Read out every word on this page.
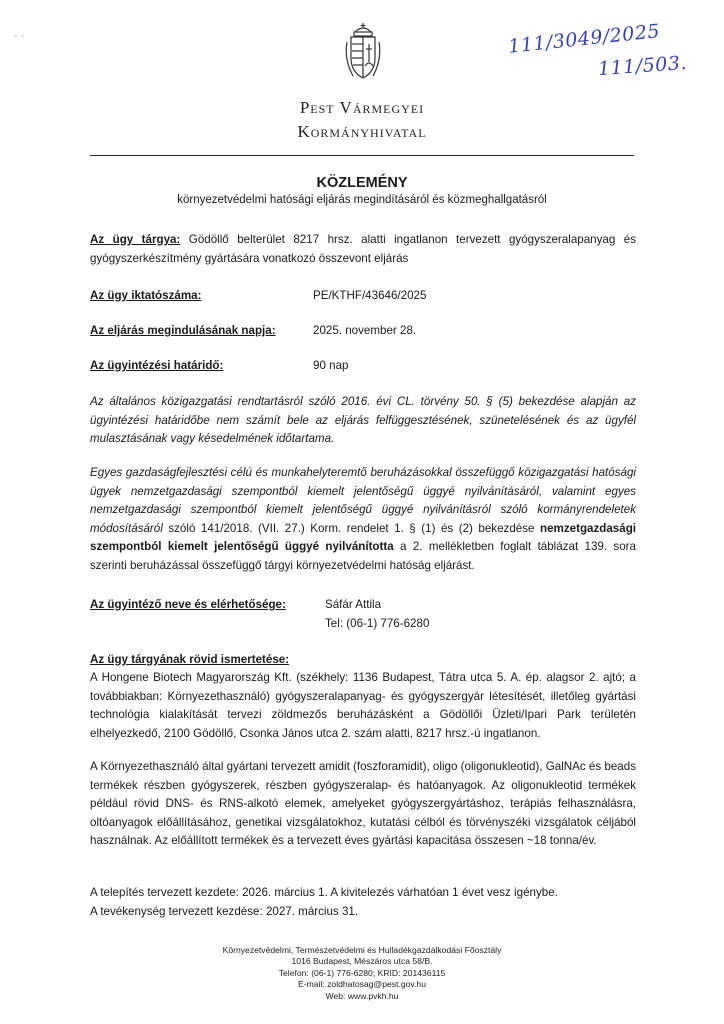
· ·	111/3049/2025
111/503.
Pest Vármegyei
Kormányhivatal
KÖZLEMÉNY
környezetvédelmi hatósági eljárás megindításáról és közmeghallgatásról
Az ügy tárgya: Gödöllő belterület 8217 hrsz. alatti ingatlanon tervezett gyógyszeralapanyag és gyógyszerkészítmény gyártására vonatkozó összevont eljárás
Az ügy iktatószáma:	PE/KTHF/43646/2025
Az eljárás megindulásának napja:	2025. november 28.
Az ügyintézési határidő:	90 nap
Az általános közigazgatási rendtartásról szóló 2016. évi CL. törvény 50. § (5) bekezdése alapján az ügyintézési határidőbe nem számít bele az eljárás felfüggesztésének, szünetelésének és az ügyfél mulasztásának vagy késedelmének időtartama.
Egyes gazdaságfejlesztési célú és munkahelyteremtő beruházásokkal összefüggő közigazgatási hatósági ügyek nemzetgazdasági szempontból kiemelt jelentőségű üggyé nyilvánításáról, valamint egyes nemzetgazdasági szempontból kiemelt jelentőségű üggyé nyilvánításról szóló kormányrendeletek módosításáról szóló 141/2018. (VII. 27.) Korm. rendelet 1. § (1) és (2) bekezdése nemzetgazdasági szempontból kiemelt jelentőségű üggyé nyilvánította a 2. mellékletben foglalt táblázat 139. sora szerinti beruházással összefüggő tárgyi környezetvédelmi hatóság eljárást.
Az ügyintéző neve és elérhetősége:	Sáfár Attila
Tel: (06-1) 776-6280
Az ügy tárgyának rövid ismertetése:
A Hongene Biotech Magyarország Kft. (székhely: 1136 Budapest, Tátra utca 5. A. ép. alagsor 2. ajtó; a továbbiakban: Környezethasználó) gyógyszeralapanyag- és gyógyszergyár létesítését, illetőleg gyártási technológia kialakítását tervezi zöldmezős beruházásként a Gödöllői Üzleti/Ipari Park területén elhelyezkedő, 2100 Gödöllő, Csonka János utca 2. szám alatti, 8217 hrsz.-ú ingatlanon.
A Környezethasználó által gyártani tervezett amidit (foszforamidit), oligo (oligonukleotid), GalNAc és beads termékek részben gyógyszerek, részben gyógyszeralap- és hatóanyagok. Az oligonukleotid termékek például rövid DNS- és RNS-alkotó elemek, amelyeket gyógyszergyártáshoz, terápiás felhasználásra, oltóanyagok előállításához, genetikai vizsgálatokhoz, kutatási célból és törvényszéki vizsgálatok céljából használnak. Az előállított termékek és a tervezett éves gyártási kapacitása összesen ~18 tonna/év.
A telepítés tervezett kezdete: 2026. március 1. A kivitelezés várhatóan 1 évet vesz igénybe.
A tevékenység tervezett kezdése: 2027. március 31.
Környezetvédelmi, Természetvédelmi és Hulladékgazdálkodási Főosztály
1016 Budapest, Mészáros utca 58/B.
Telefon: (06-1) 776-6280; KRID: 201436115
E-mail: zoldhatosag@pest.gov.hu
Web: www.pvkh.hu
